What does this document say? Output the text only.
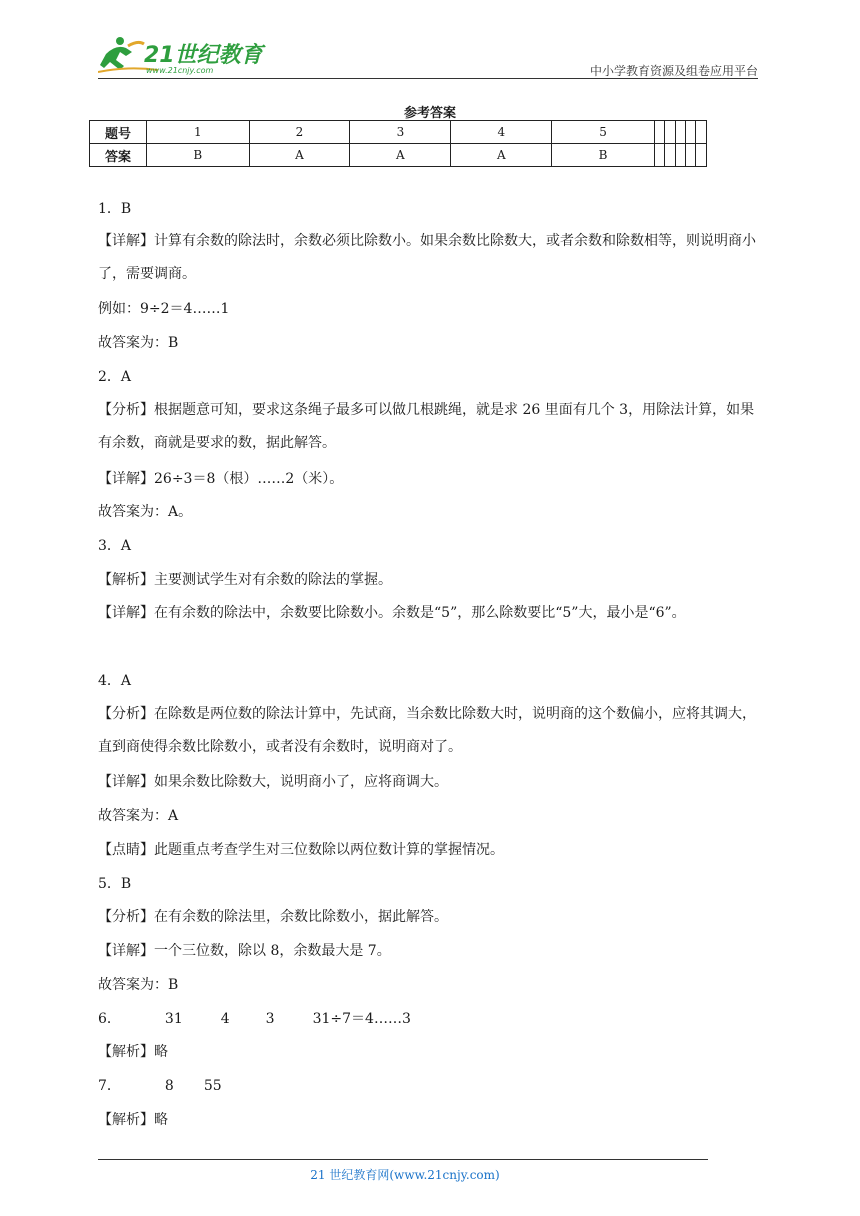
21世纪教育
www.21cnjy.com	中小学教育资源及组卷应用平台
参考答案
题号	1	2	3	4	5					
答案	B	A	A	A	B					
1．B
【详解】计算有余数的除法时，余数必须比除数小。如果余数比除数大，或者余数和除数相等，则说明商小了，需要调商。
例如：9÷2＝4……1
故答案为：B
2．A
【分析】根据题意可知，要求这条绳子最多可以做几根跳绳，就是求 26 里面有几个 3，用除法计算，如果有余数，商就是要求的数，据此解答。
【详解】26÷3＝8（根）……2（米）。
故答案为：A。
3．A
【解析】主要测试学生对有余数的除法的掌握。
【详解】在有余数的除法中，余数要比除数小。余数是“5”，那么除数要比“5”大，最小是“6”。
4．A
【分析】在除数是两位数的除法计算中，先试商，当余数比除数大时，说明商的这个数偏小，应将其调大，直到商使得余数比除数小，或者没有余数时，说明商对了。
【详解】如果余数比除数大，说明商小了，应将商调大。
故答案为：A
【点睛】此题重点考查学生对三位数除以两位数计算的掌握情况。
5．B
【分析】在有余数的除法里，余数比除数小，据此解答。
【详解】一个三位数，除以 8，余数最大是 7。
故答案为：B
6．	31	4	3	31÷7＝4……3
【解析】略
7．	8 55
【解析】略
21 世纪教育网(www.21cnjy.com)
